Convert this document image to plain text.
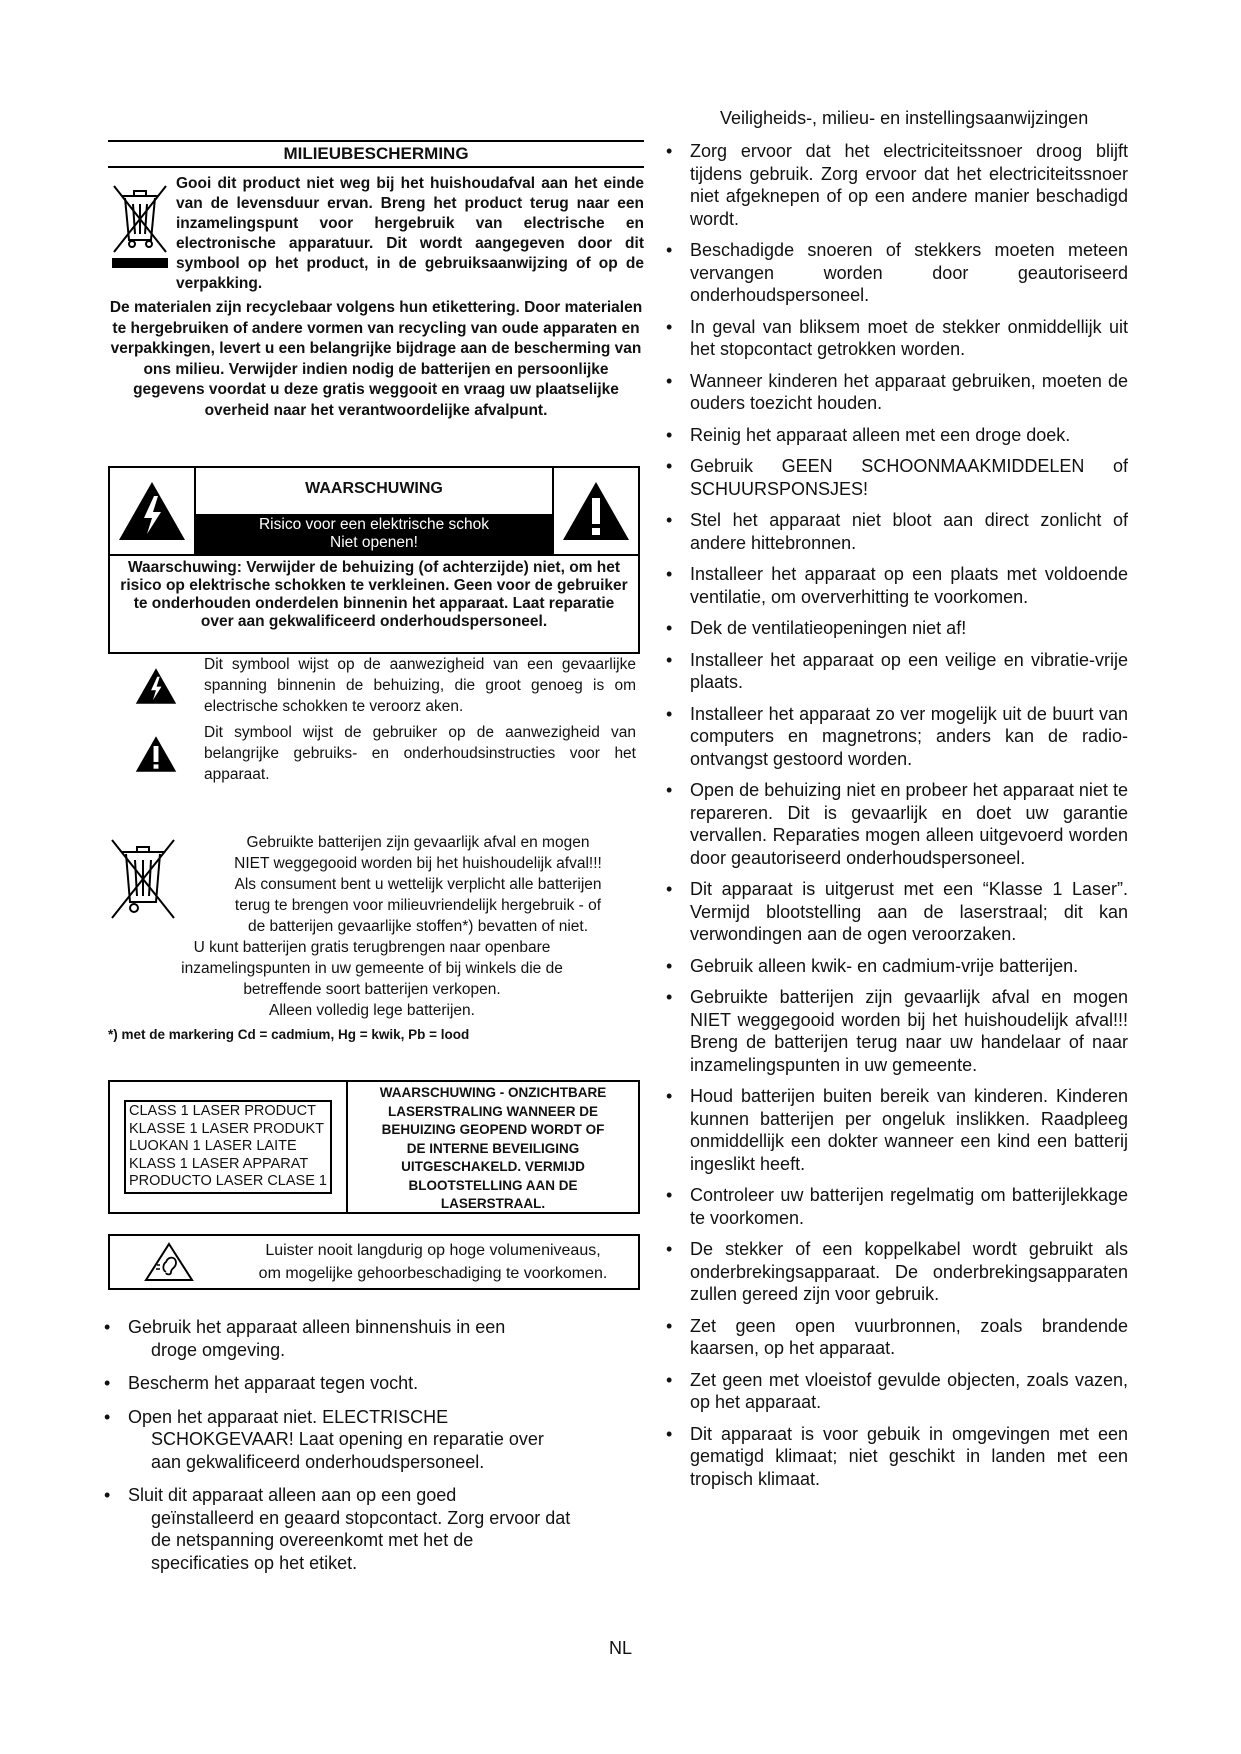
Veiligheids-, milieu- en instellingsaanwijzingen
MILIEUBESCHERMING
Gooi dit product niet weg bij het huishoudafval aan het einde van de levensduur ervan. Breng het product terug naar een inzamelingspunt voor hergebruik van electrische en electronische apparatuur. Dit wordt aangegeven door dit symbool op het product, in de gebruiksaanwijzing of op de verpakking.
De materialen zijn recyclebaar volgens hun etikettering. Door materialen te hergebruiken of andere vormen van recycling van oude apparaten en verpakkingen, levert u een belangrijke bijdrage aan de bescherming van ons milieu. Verwijder indien nodig de batterijen en persoonlijke gegevens voordat u deze gratis weggooit en vraag uw plaatselijke overheid naar het verantwoordelijke afvalpunt.
WAARSCHUWING
Risico voor een elektrische schok
Niet openen!
Waarschuwing: Verwijder de behuizing (of achterzijde) niet, om het risico op elektrische schokken te verkleinen. Geen voor de gebruiker te onderhouden onderdelen binnenin het apparaat. Laat reparatie over aan gekwalificeerd onderhoudspersoneel.
Dit symbool wijst op de aanwezigheid van een gevaarlijke spanning binnenin de behuizing, die groot genoeg is om electrische schokken te veroorz aken.
Dit symbool wijst de gebruiker op de aanwezigheid van belangrijke gebruiks- en onderhoudsinstructies voor het apparaat.
Gebruikte batterijen zijn gevaarlijk afval en mogen
NIET weggegooid worden bij het huishoudelijk afval!!!
Als consument bent u wettelijk verplicht alle batterijen
terug te brengen voor milieuvriendelijk hergebruik - of
de batterijen gevaarlijke stoffen*) bevatten of niet.
U kunt batterijen gratis terugbrengen naar openbare
inzamelingspunten in uw gemeente of bij winkels die de
betreffende soort batterijen verkopen.
Alleen volledig lege batterijen.
*) met de markering Cd = cadmium, Hg = kwik, Pb = lood
CLASS 1 LASER PRODUCT
KLASSE 1 LASER PRODUKT
LUOKAN 1 LASER LAITE
KLASS 1 LASER APPARAT
PRODUCTO LASER CLASE 1
WAARSCHUWING - ONZICHTBARE
LASERSTRALING WANNEER DE
BEHUIZING GEOPEND WORDT OF
DE INTERNE BEVEILIGING
UITGESCHAKELD. VERMIJD
BLOOTSTELLING AAN DE
LASERSTRAAL.
Luister nooit langdurig op hoge volumeniveaus,
om mogelijke gehoorbeschadiging te voorkomen.
• Gebruik het apparaat alleen binnenshuis in een
droge omgeving.
• Bescherm het apparaat tegen vocht.
• Open het apparaat niet. ELECTRISCHE
SCHOKGEVAAR! Laat opening en reparatie over
aan gekwalificeerd onderhoudspersoneel.
• Sluit dit apparaat alleen aan op een goed
geïnstalleerd en geaard stopcontact. Zorg ervoor dat
de netspanning overeenkomt met het de
specificaties op het etiket.
• Zorg ervoor dat het electriciteitssnoer droog blijft tijdens gebruik. Zorg ervoor dat het electriciteitssnoer niet afgeknepen of op een andere manier beschadigd wordt.
• Beschadigde snoeren of stekkers moeten meteen vervangen worden door geautoriseerd onderhoudspersoneel.
• In geval van bliksem moet de stekker onmiddellijk uit het stopcontact getrokken worden.
• Wanneer kinderen het apparaat gebruiken, moeten de ouders toezicht houden.
• Reinig het apparaat alleen met een droge doek.
• Gebruik GEEN SCHOONMAAKMIDDELEN of SCHUURSPONSJES!
• Stel het apparaat niet bloot aan direct zonlicht of andere hittebronnen.
• Installeer het apparaat op een plaats met voldoende ventilatie, om oververhitting te voorkomen.
• Dek de ventilatieopeningen niet af!
• Installeer het apparaat op een veilige en vibratie-vrije plaats.
• Installeer het apparaat zo ver mogelijk uit de buurt van computers en magnetrons; anders kan de radio-ontvangst gestoord worden.
• Open de behuizing niet en probeer het apparaat niet te repareren. Dit is gevaarlijk en doet uw garantie vervallen. Reparaties mogen alleen uitgevoerd worden door geautoriseerd onderhoudspersoneel.
• Dit apparaat is uitgerust met een “Klasse 1 Laser”. Vermijd blootstelling aan de laserstraal; dit kan verwondingen aan de ogen veroorzaken.
• Gebruik alleen kwik- en cadmium-vrije batterijen.
• Gebruikte batterijen zijn gevaarlijk afval en mogen NIET weggegooid worden bij het huishoudelijk afval!!! Breng de batterijen terug naar uw handelaar of naar inzamelingspunten in uw gemeente.
• Houd batterijen buiten bereik van kinderen. Kinderen kunnen batterijen per ongeluk inslikken. Raadpleeg onmiddellijk een dokter wanneer een kind een batterij ingeslikt heeft.
• Controleer uw batterijen regelmatig om batterijlekkage te voorkomen.
• De stekker of een koppelkabel wordt gebruikt als onderbrekingsapparaat. De onderbrekingsapparaten zullen gereed zijn voor gebruik.
• Zet geen open vuurbronnen, zoals brandende kaarsen, op het apparaat.
• Zet geen met vloeistof gevulde objecten, zoals vazen, op het apparaat.
• Dit apparaat is voor gebuik in omgevingen met een gematigd klimaat; niet geschikt in landen met een tropisch klimaat.
NL
